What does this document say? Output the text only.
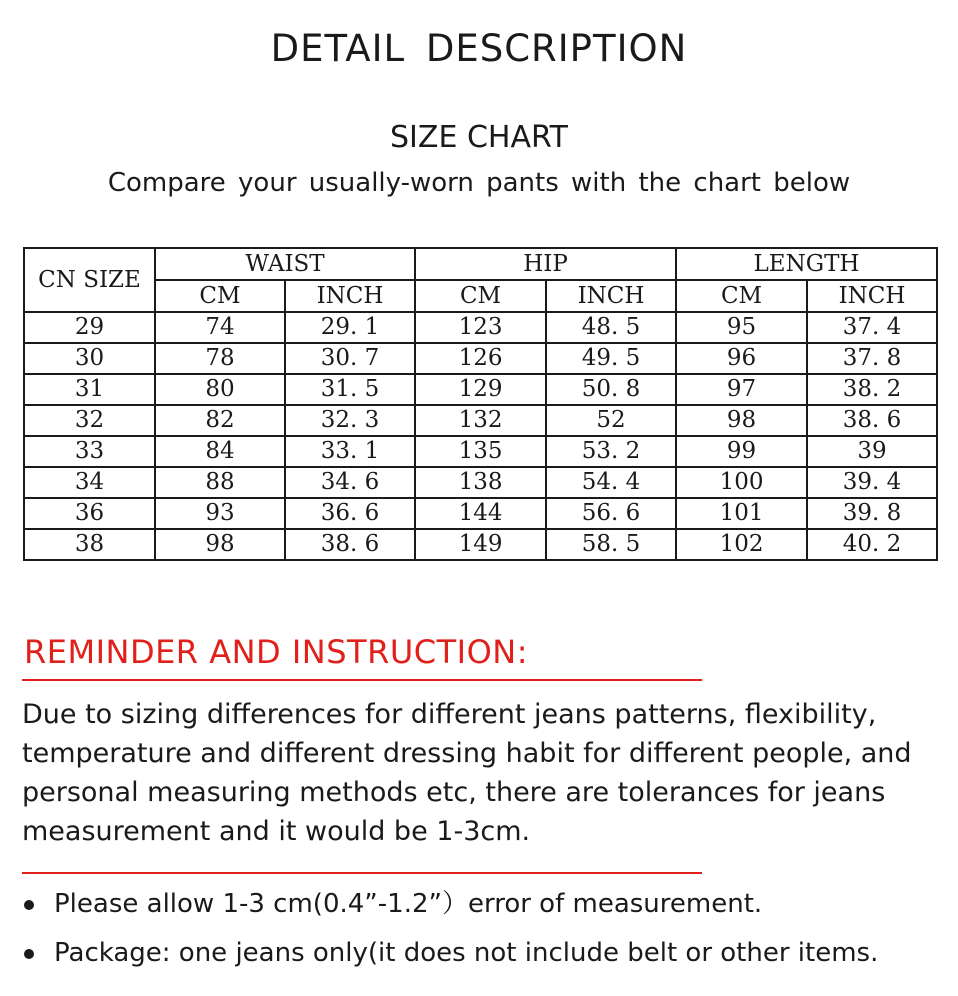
DETAIL DESCRIPTION
SIZE CHART
Compare your usually-worn pants with the chart below
CN SIZE	WAIST		HIP		LENGTH	
	CM	INCH	CM	INCH	CM	INCH
29	74	29. 1	123	48. 5	95	37. 4
30	78	30. 7	126	49. 5	96	37. 8
31	80	31. 5	129	50. 8	97	38. 2
32	82	32. 3	132	52	98	38. 6
33	84	33. 1	135	53. 2	99	39
34	88	34. 6	138	54. 4	100	39. 4
36	93	36. 6	144	56. 6	101	39. 8
38	98	38. 6	149	58. 5	102	40. 2
REMINDER AND INSTRUCTION:

Due to sizing differences for different jeans patterns, flexibility, temperature and different dressing habit for different people, and personal measuring methods etc, there are tolerances for jeans measurement and it would be 1-3cm.

Please allow 1-3 cm(0.4”-1.2”）error of measurement.
Package: one jeans only(it does not include belt or other items.
